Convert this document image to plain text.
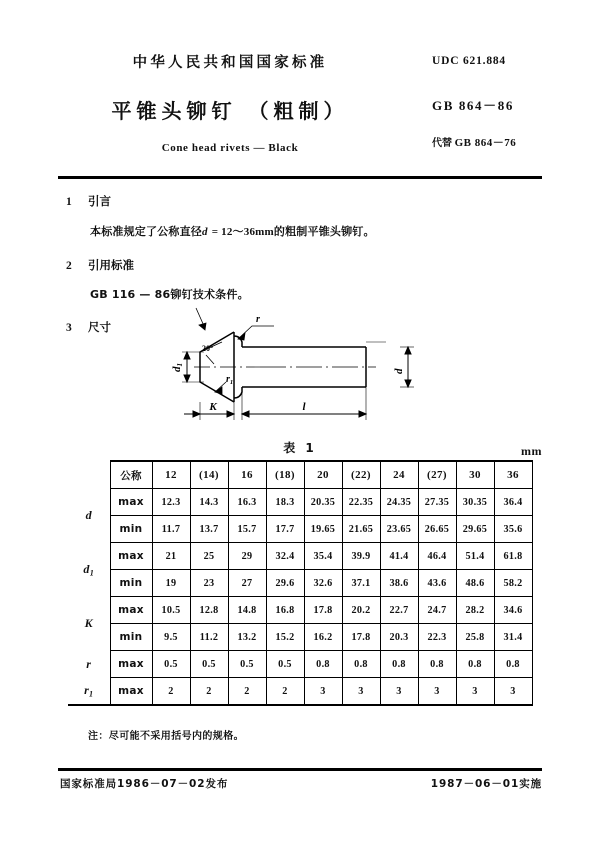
中华人民共和国国家标准
平锥头铆钉 （粗制）
Cone head rivets — Black
UDC 621.884
GB 864－86
代替 GB 864－76
1 引言
本标准规定了公称直径d = 12～36mm的粗制平锥头铆钉。
2 引用标准
GB 116 — 86铆钉技术条件。
3 尺寸
d1
d
K	l
20°
r
$r_1$
表 1	mm
	公称	12	(14)	16	(18)	20	(22)	24	(27)	30	36
d	max	12.3	14.3	16.3	18.3	20.35	22.35	24.35	27.35	30.35	36.4
	min	11.7	13.7	15.7	17.7	19.65	21.65	23.65	26.65	29.65	35.6
$d_1$	max	21	25	29	32.4	35.4	39.9	41.4	46.4	51.4	61.8
	min	19	23	27	29.6	32.6	37.1	38.6	43.6	48.6	58.2
K	max	10.5	12.8	14.8	16.8	17.8	20.2	22.7	24.7	28.2	34.6
	min	9.5	11.2	13.2	15.2	16.2	17.8	20.3	22.3	25.8	31.4
r	max	0.5	0.5	0.5	0.5	0.8	0.8	0.8	0.8	0.8	0.8
$r_1$	max	2	2	2	2	3	3	3	3	3	3
注：尽可能不采用括号内的规格。
国家标准局1986－07－02发布	1987－06－01实施
